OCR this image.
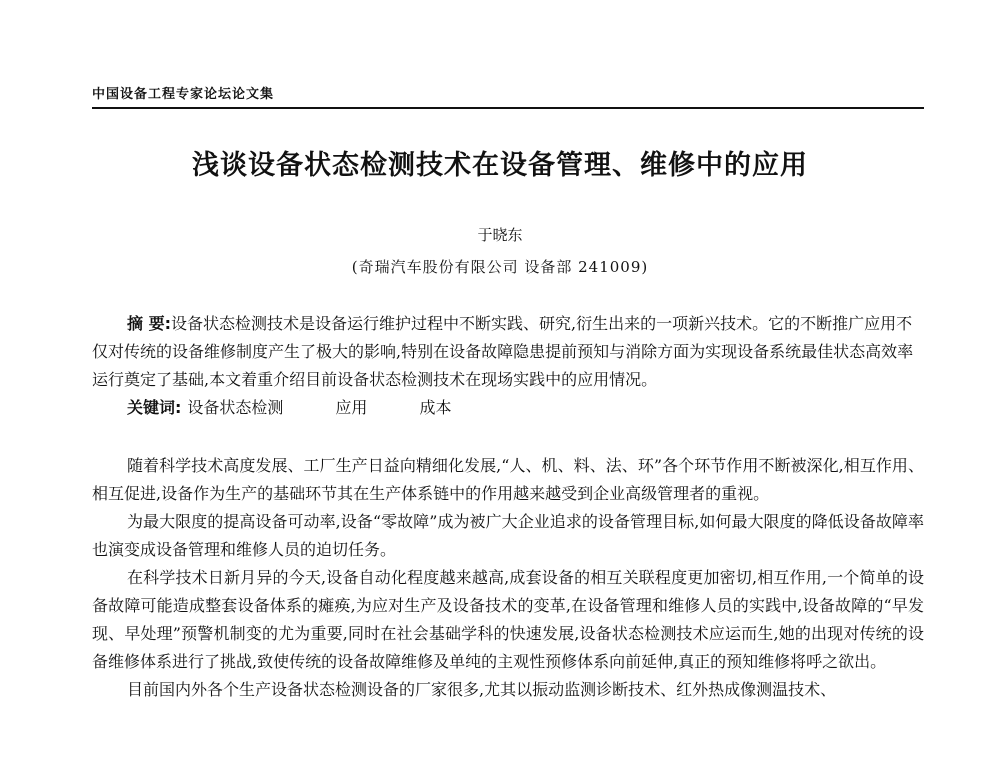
中国设备工程专家论坛论文集
浅谈设备状态检测技术在设备管理、维修中的应用
于晓东
(奇瑞汽车股份有限公司 设备部 241009)
摘 要:设备状态检测技术是设备运行维护过程中不断实践、研究,衍生出来的一项新兴技术。它的不断推广应用不仅对传统的设备维修制度产生了极大的影响,特别在设备故障隐患提前预知与消除方面为实现设备系统最佳状态高效率运行奠定了基础,本文着重介绍目前设备状态检测技术在现场实践中的应用情况。
关键词: 设备状态检测	应用	成本

随着科学技术高度发展、工厂生产日益向精细化发展,“人、机、料、法、环”各个环节作用不断被深化,相互作用、相互促进,设备作为生产的基础环节其在生产体系链中的作用越来越受到企业高级管理者的重视。

为最大限度的提高设备可动率,设备“零故障”成为被广大企业追求的设备管理目标,如何最大限度的降低设备故障率也演变成设备管理和维修人员的迫切任务。

在科学技术日新月异的今天,设备自动化程度越来越高,成套设备的相互关联程度更加密切,相互作用,一个简单的设备故障可能造成整套设备体系的瘫痪,为应对生产及设备技术的变革,在设备管理和维修人员的实践中,设备故障的“早发现、早处理”预警机制变的尤为重要,同时在社会基础学科的快速发展,设备状态检测技术应运而生,她的出现对传统的设备维修体系进行了挑战,致使传统的设备故障维修及单纯的主观性预修体系向前延伸,真正的预知维修将呼之欲出。

目前国内外各个生产设备状态检测设备的厂家很多,尤其以振动监测诊断技术、红外热成像测温技术、
